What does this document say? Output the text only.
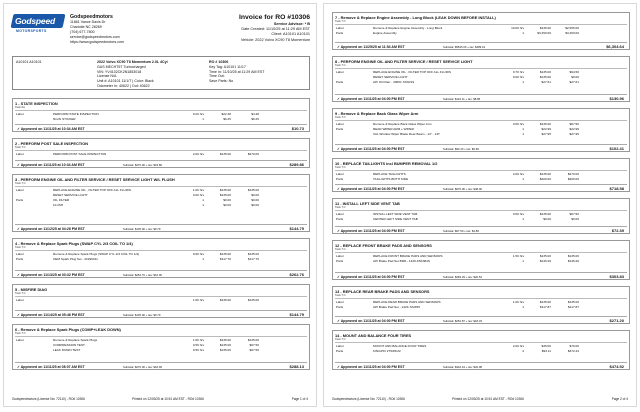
Godspeed
MOTORSPORTS
Godspeedmotors
11861 Vance Davis Dr
Charlotte NC 28269
(704) 677-7800
service@godspeedmotors.com
https://www.godspeedmotors.com
Invoice for RO #10306
Service Advisor: * B
Date Created: 11/10/25 at 11:29 AM EST
Client: A10101 A10101
Vehicle: 2022 Volvo XC90 T8 Momentum
A10101 A10101	2022 Volvo XC90 T8 Momentum 2.0L 4Cyl
GAS MECHT5T Turbocharged
VIN: YV4102CK2N1853018
License N/A
Unit #: A10101 11/1/T | Color: Black
Odometer In: 40622 | Out: 40622
RO # 10306
Key Tag: A10101 11/17
Time In: 11/10/25 at 11:29 AM EST
Time Out:
Save Parts: No
1 - STATE INSPECTION
Task #A
Labor	PERFORM STATE INSPECTION	0.20 hrs	$22.38	$4.48
NC/AI STICKER	1	$6.25	$6.25
✓ Approved on 11/11/25 at 10:34 AM EST	$10.73
2 - PERFORM POST SALE INSPECTION
Task T.C
Labor	PERFORM POST SALE INSPECTION	2.00 hrs	$135.00	$270.00
✓ Approved on 11/11/25 at 10:34 AM EST	Subtotal: $270.00 + tax: $19.86	$289.86
3 - PERFORM ENGINE OIL AND FILTER SERVICE / RESET SERVICE LIGHT W/L FLUSH
Task T.C
Labor	REPLACE ENGINE OIL , FILTER TOP OFF ALL FLUIDS	1.00 hrs	$135.00	$135.00
RESET SERVICE LIGHT	0.00 hrs	$135.00	$0.00
Parts	OIL FILTER	1	$0.00	$0.00
FLUSH	1	$0.00	$0.00
✓ Approved on 11/12/25 at 04:26 PM EST	Subtotal: $135.00 + tax: $9.79	$144.79
4 - Remove & Replace Spark Plugs (SWAP CYL 2/3 COIL TO 1/4)
Task T.C
Labor	Remove & Replace Spark Plugs (SWAP CYL 2/3 COIL TO 1/4)	0.90 hrs	$135.00	$135.00
Parts	OEM Spark Plug Set - 32290311	1	$117.76	$117.76
✓ Approved on 11/13/25 at 03:32 PM EST	Subtotal: $252.76 + tax: $10.00	$262.76
5 - MISFIRE DIAG
Task T.C
Labor	1.00 hrs	$135.00	$135.00
✓ Approved on 11/14/25 at 05:46 PM EST	Subtotal: $135.00 + tax: $9.79	$144.79
6 - Remove & Replace Spark Plugs (COMP+LEAK DOWN)
Task T.C
Labor	Remove & Replace Spark Plugs	1.00 hrs	$135.00	$135.00
COMPRESSION TEST	0.50 hrs	$135.00	$67.50
LEAK DOWN TEST	0.50 hrs	$135.00	$67.50
✓ Approved on 11/11/25 at 08:07 AM EST	Subtotal: $270.00 + tax: $18.48	$288.13
Godspeedmotors (License No: 72110) - RO# 10306	Printed on 12/03/25 at 10:51 AM EST - RO# 10306	Page 1 of 4
7 - Remove & Replace Engine Assembly - Long Block (LEAK DOWN BEFORE INSTALL)
Task T.C
Labor	Remove & Replace Engine Assembly - Long Block	19.00 hrs	$135.00	$2,565.00
Parts	Engine Assembly	1	$3,250.00	$3,250.00
✓ Approved on 11/25/25 at 11:54 AM EST	Subtotal: $5815.00 + tax: $489.19	$6,304.64
8 - PERFORM ENGINE OIL AND FILTER SERVICE / RESET SERVICE LIGHT
Task T.C
Labor	REPLACE ENGINE OIL , FILTER TOP OFF ALL FLUIDS	0.70 hrs	$135.00	$94.50
RESET SERVICE LIGHT	0.00 hrs	$135.00	$0.00
Parts	API Oil Filter - 30651 STAR19	1	$27.61	$27.61
✓ Approved on 11/11/25 at 04:00 PM EST	Subtotal: $122.11 + tax: $8.85	$130.96
9 - Remove & Replace Back Glass Wiper Arm
Task T.C
Labor	Remove & Replace Back Glass Wiper Arm	0.50 hrs	$135.00	$67.50
Parts	REAR WIPER ARM + WIPER	1	$22.99	$22.99
VAL Window Wiper Blade Rear Beam - 14" - 14T	1	$27.95	$27.95
✓ Approved on 11/11/25 at 04:00 PM EST	Subtotal: $93.43 + tax: $6.99	$102.41
10 - REPLACE TAILLIGHTS incl BUMPER REMOVAL 1/2
Task T.C
Labor	REPLACE TAILLIGHTS	2.00 hrs	$135.00	$270.00
Parts	TAILLIGHTS BOTH SIDE	1	$400.00	$400.00
✓ Approved on 11/11/25 at 04:00 PM EST	Subtotal: $670.00 + tax: $48.00	$718.58
11 - INSTALL LEFT SIDE VENT TAB
Task T.C
Labor	INSTALL LEFT SIDE VENT TAB	0.50 hrs	$135.00	$67.50
Parts	CENTER LEFT SIDE VENT TAB	1	$0.00	$0.00
✓ Approved on 11/11/25 at 04:00 PM EST	Subtotal: $67.50 + tax: $4.89	$72.39
12 - REPLACE FRONT BRAKE PADS AND SENSORS
Task T.C
Labor	REPLACE FRONT BRAKE PADS AND SENSORS	1.50 hrs	$135.00	$135.00
Parts	API Brake Pad Set BRD - 1426-K5K384S	1	$146.29	$146.29
✓ Approved on 11/11/25 at 04:00 PM EST	Subtotal: $283.29 + tax: $20.54	$303.83
13 - REPLACE REAR BRAKE PADS AND SENSORS
Task T.C
Labor	REPLACE REAR BRAKE PADS AND SENSORS	1.00 hrs	$135.00	$135.00
Parts	API Brake Pad Set - 1424-7Z2455	1	$117.87	$117.87
✓ Approved on 11/11/25 at 04:00 PM EST	Subtotal: $252.87 + tax: $18.33	$271.20
14 - MOUNT AND BALANCE FOUR TIRES
Task T.C
Labor	MOUNT AND BALANCE FOUR TIRES	2.00 hrs	$35.00	$70.00
Parts	KINGPIO 275/45r22	4	$93.11	$372.44
✓ Approved on 11/11/25 at 04:00 PM EST	Subtotal: $442.44 + tax: $32.08	$474.52
Godspeedmotors (License No: 72110) - RO# 10306	Printed on 12/03/25 at 10:51 AM EST - RO# 10306	Page 2 of 4
